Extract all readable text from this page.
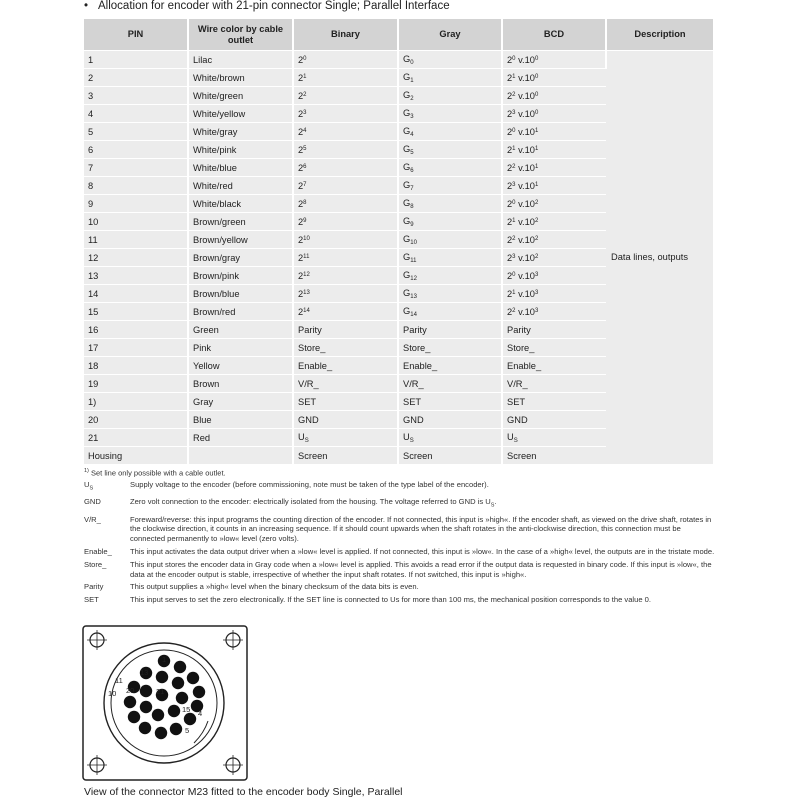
• Allocation for encoder with 21-pin connector Single; Parallel Interface
PIN	Wire color by cable outlet	Binary	Gray	BCD	Description
1	Lilac	$2^0$	$G_0$	$2^0$ $v.10^0$	Data lines, outputs
2	White/brown	$2^1$	$G_1$	$2^1$ $v.10^0$
3	White/green	$2^2$	$G_2$	$2^2$ $v.10^0$
4	White/yellow	$2^3$	$G_3$	$2^3$ $v.10^0$
5	White/gray	$2^4$	$G_4$	$2^0$ $v.10^1$
6	White/pink	$2^5$	$G_5$	$2^1$ $v.10^1$
7	White/blue	$2^6$	$G_6$	$2^2$ $v.10^1$
8	White/red	$2^7$	$G_7$	$2^3$ $v.10^1$
9	White/black	$2^8$	$G_8$	$2^0$ $v.10^2$
10	Brown/green	$2^9$	$G_9$	$2^1$ $v.10^2$
11	Brown/yellow	$2^{10}$	$G_{10}$	$2^2$ $v.10^2$
12	Brown/gray	$2^{11}$	$G_{11}$	$2^3$ $v.10^2$
13	Brown/pink	$2^{12}$	$G_{12}$	$2^0$ $v.10^3$
14	Brown/blue	$2^{13}$	$G_{13}$	$2^1$ $v.10^3$
15	Brown/red	$2^{14}$	$G_{14}$	$2^2$ $v.10^3$
16	Green	Parity	Parity	Parity	
17	Pink	Store_	Store_	Store_	
18	Yellow	Enable_	Enable_	Enable_	
19	Brown	V/R_	V/R_	V/R_	
1)	Gray	SET	SET	SET	
20	Blue	GND	GND	GND	
21	Red	$U_S$	$U_S$	$U_S$
Housing		Screen	Screen	Screen	
$^{1)}$ Set line only possible with a cable outlet.
$U_S$	Supply voltage to the encoder (before commissioning, note must be taken of the type label of the encoder).
GND	Zero volt connection to the encoder: electrically isolated from the housing. The voltage referred to GND is $U_S$.
V/R_	Foreward/reverse: this input programs the counting direction of the encoder. If not connected, this input is »high«. If the encoder shaft, as viewed on the drive shaft, rotates in the clockwise direction, it counts in an increasing sequence. If it should count upwards when the shaft rotates in the anti-clockwise direction, this connection must be connected permanently to »low« level (zero volts).
Enable_	This input activates the data output driver when a »low« level is applied. If not connected, this input is »low«. In the case of a »high« level, the outputs are in the tristate mode.
Store_	This input stores the encoder data in Gray code when a »low« level is applied. This avoids a read error if the output data is requested in binary code. If this input is »low«, the data at the encoder output is stable, irrespective of whether the input shaft rotates. If not switched, this input is »high«.
Parity	This output supplies a »high« level when the binary checksum of the data bits is even.
SET	This input serves to set the zero electronically. If the SET line is connected to Us for more than 100 ms, the mechanical position corresponds to the value 0.
1
13
11
20	21
10
15 4
5
View of the connector M23 fitted to the encoder body Single, Parallel
